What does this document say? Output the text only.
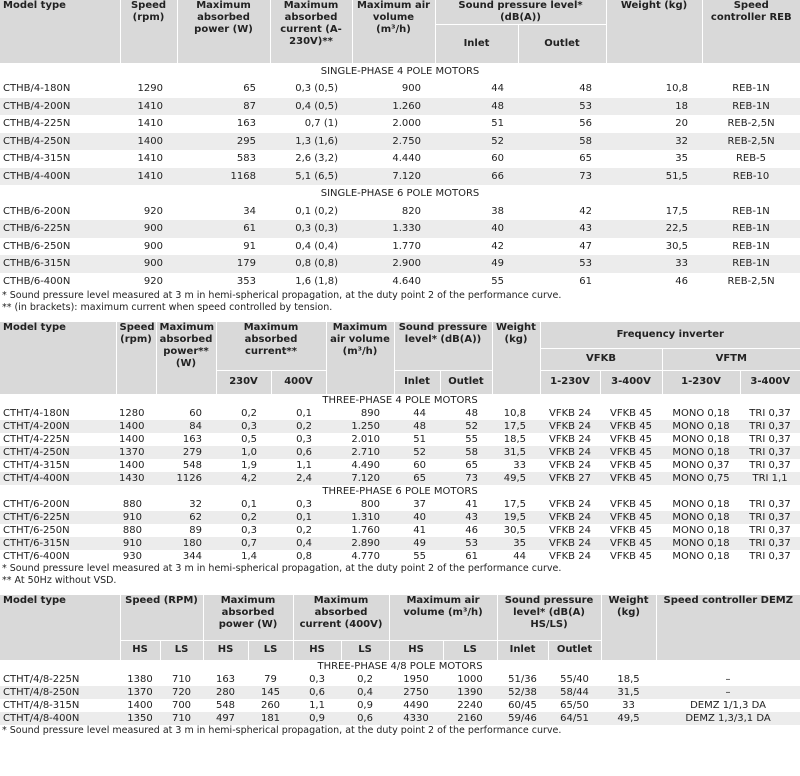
Model type	Speed (rpm)	Maximum absorbed power (W)	Maximum absorbed current (A-230V)**	Maximum air volume (m³/h)	Sound pressure level* (dB(A))		Weight (kg)	Speed controller REB
					Inlet	Outlet		
SINGLE-PHASE 4 POLE MOTORS								
CTHB/4-180N	1290	65	0,3 (0,5)	900	44	48	10,8	REB-1N
CTHB/4-200N	1410	87	0,4 (0,5)	1.260	48	53	18	REB-1N
CTHB/4-225N	1410	163	0,7 (1)	2.000	51	56	20	REB-2,5N
CTHB/4-250N	1400	295	1,3 (1,6)	2.750	52	58	32	REB-2,5N
CTHB/4-315N	1410	583	2,6 (3,2)	4.440	60	65	35	REB-5
CTHB/4-400N	1410	1168	5,1 (6,5)	7.120	66	73	51,5	REB-10
SINGLE-PHASE 6 POLE MOTORS								
CTHB/6-200N	920	34	0,1 (0,2)	820	38	42	17,5	REB-1N
CTHB/6-225N	900	61	0,3 (0,3)	1.330	40	43	22,5	REB-1N
CTHB/6-250N	900	91	0,4 (0,4)	1.770	42	47	30,5	REB-1N
CTHB/6-315N	900	179	0,8 (0,8)	2.900	49	53	33	REB-1N
CTHB/6-400N	920	353	1,6 (1,8)	4.640	55	61	46	REB-2,5N
* Sound pressure level measured at 3 m in hemi-spherical propagation, at the duty point 2 of the performance curve.
** (in brackets): maximum current when speed controlled by tension.
Model type	Speed (rpm)	Maximum absorbed power** (W)	Maximum absorbed current**		Maximum air volume (m³/h)	Sound pressure level* (dB(A))		Weight (kg)	Frequency inverter			
									VFKB		VFTM	
			230V	400V		Inlet	Outlet		1-230V	3-400V	1-230V	3-400V
THREE-PHASE 4 POLE MOTORS												
CTHT/4-180N	1280	60	0,2	0,1	890	44	48	10,8	VFKB 24	VFKB 45	MONO 0,18	TRI 0,37
CTHT/4-200N	1400	84	0,3	0,2	1.250	48	52	17,5	VFKB 24	VFKB 45	MONO 0,18	TRI 0,37
CTHT/4-225N	1400	163	0,5	0,3	2.010	51	55	18,5	VFKB 24	VFKB 45	MONO 0,18	TRI 0,37
CTHT/4-250N	1370	279	1,0	0,6	2.710	52	58	31,5	VFKB 24	VFKB 45	MONO 0,18	TRI 0,37
CTHT/4-315N	1400	548	1,9	1,1	4.490	60	65	33	VFKB 24	VFKB 45	MONO 0,37	TRI 0,37
CTHT/4-400N	1430	1126	4,2	2,4	7.120	65	73	49,5	VFKB 27	VFKB 45	MONO 0,75	TRI 1,1
THREE-PHASE 6 POLE MOTORS												
CTHT/6-200N	880	32	0,1	0,3	800	37	41	17,5	VFKB 24	VFKB 45	MONO 0,18	TRI 0,37
CTHT/6-225N	910	62	0,2	0,1	1.310	40	43	19,5	VFKB 24	VFKB 45	MONO 0,18	TRI 0,37
CTHT/6-250N	880	89	0,3	0,2	1.760	41	46	30,5	VFKB 24	VFKB 45	MONO 0,18	TRI 0,37
CTHT/6-315N	910	180	0,7	0,4	2.890	49	53	35	VFKB 24	VFKB 45	MONO 0,18	TRI 0,37
CTHT/6-400N	930	344	1,4	0,8	4.770	55	61	44	VFKB 24	VFKB 45	MONO 0,18	TRI 0,37
* Sound pressure level measured at 3 m in hemi-spherical propagation, at the duty point 2 of the performance curve.
** At 50Hz without VSD.
Model type	Speed (RPM)		Maximum absorbed power (W)		Maximum absorbed current (400V)		Maximum air volume (m³/h)		Sound pressure level* (dB(A) HS/LS)		Weight (kg)	Speed controller DEMZ
	HS	LS	HS	LS	HS	LS	HS	LS	Inlet	Outlet		
THREE-PHASE 4/8 POLE MOTORS												
CTHT/4/8-225N	1380	710	163	79	0,3	0,2	1950	1000	51/36	55/40	18,5	–
CTHT/4/8-250N	1370	720	280	145	0,6	0,4	2750	1390	52/38	58/44	31,5	–
CTHT/4/8-315N	1400	700	548	260	1,1	0,9	4490	2240	60/45	65/50	33	DEMZ 1/1,3 DA
CTHT/4/8-400N	1350	710	497	181	0,9	0,6	4330	2160	59/46	64/51	49,5	DEMZ 1,3/3,1 DA
* Sound pressure level measured at 3 m in hemi-spherical propagation, at the duty point 2 of the performance curve.
